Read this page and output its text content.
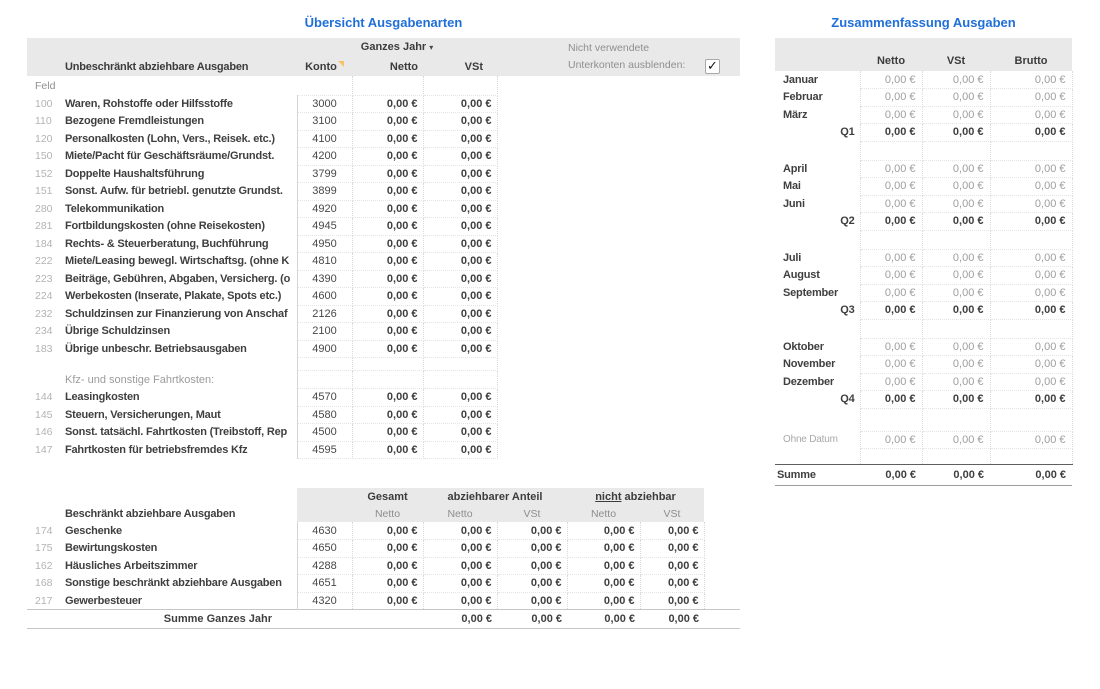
Übersicht Ausgabenarten
Ganzes Jahr ▾	Nicht verwendete
Unterkonten ausblenden: ✓
Unbeschränkt abziehbare Ausgaben	Konto	Netto	VSt
Feld					
100	Waren, Rohstoffe oder Hilfsstoffe	3000	0,00 €	0,00 €	
110	Bezogene Fremdleistungen	3100	0,00 €	0,00 €	
120	Personalkosten (Lohn, Vers., Reisek. etc.)	4100	0,00 €	0,00 €	
150	Miete/Pacht für Geschäftsräume/Grundst.	4200	0,00 €	0,00 €	
152	Doppelte Haushaltsführung	3799	0,00 €	0,00 €	
151	Sonst. Aufw. für betriebl. genutzte Grundst.	3899	0,00 €	0,00 €	
280	Telekommunikation	4920	0,00 €	0,00 €	
281	Fortbildungskosten (ohne Reisekosten)	4945	0,00 €	0,00 €	
184	Rechts- & Steuerberatung, Buchführung	4950	0,00 €	0,00 €	
222	Miete/Leasing bewegl. Wirtschaftsg. (ohne K	4810	0,00 €	0,00 €	
223	Beiträge, Gebühren, Abgaben, Versicherg. (o	4390	0,00 €	0,00 €	
224	Werbekosten (Inserate, Plakate, Spots etc.)	4600	0,00 €	0,00 €	
232	Schuldzinsen zur Finanzierung von Anschaf	2126	0,00 €	0,00 €	
234	Übrige Schuldzinsen	2100	0,00 €	0,00 €	
183	Übrige unbeschr. Betriebsausgaben	4900	0,00 €	0,00 €	

	Kfz- und sonstige Fahrtkosten:				
144	Leasingkosten	4570	0,00 €	0,00 €	
145	Steuern, Versicherungen, Maut	4580	0,00 €	0,00 €	
146	Sonst. tatsächl. Fahrtkosten (Treibstoff, Rep	4500	0,00 €	0,00 €	
147	Fahrtkosten für betriebsfremdes Kfz	4595	0,00 €	0,00 €	
			Gesamt	abziehbarer Anteil		nicht abziehbar		
Beschränkt abziehbare Ausgaben			Netto	Netto	VSt	Netto	VSt	
174	Geschenke	4630	0,00 €	0,00 €	0,00 €	0,00 €	0,00 €	
175	Bewirtungskosten	4650	0,00 €	0,00 €	0,00 €	0,00 €	0,00 €	
162	Häusliches Arbeitszimmer	4288	0,00 €	0,00 €	0,00 €	0,00 €	0,00 €	
168	Sonstige beschränkt abziehbare Ausgaben	4651	0,00 €	0,00 €	0,00 €	0,00 €	0,00 €	
217	Gewerbesteuer	4320	0,00 €	0,00 €	0,00 €	0,00 €	0,00 €	
Summe Ganzes Jahr				0,00 €	0,00 €	0,00 €	0,00 €	
Zusammenfassung Ausgaben
	Netto	VSt	Brutto
Januar	0,00 €	0,00 €	0,00 €
Februar	0,00 €	0,00 €	0,00 €
März	0,00 €	0,00 €	0,00 €
Q1	0,00 €	0,00 €	0,00 €

April	0,00 €	0,00 €	0,00 €
Mai	0,00 €	0,00 €	0,00 €
Juni	0,00 €	0,00 €	0,00 €
Q2	0,00 €	0,00 €	0,00 €

Juli	0,00 €	0,00 €	0,00 €
August	0,00 €	0,00 €	0,00 €
September	0,00 €	0,00 €	0,00 €
Q3	0,00 €	0,00 €	0,00 €

Oktober	0,00 €	0,00 €	0,00 €
November	0,00 €	0,00 €	0,00 €
Dezember	0,00 €	0,00 €	0,00 €
Q4	0,00 €	0,00 €	0,00 €

Ohne Datum	0,00 €	0,00 €	0,00 €

Summe	0,00 €	0,00 €	0,00 €
